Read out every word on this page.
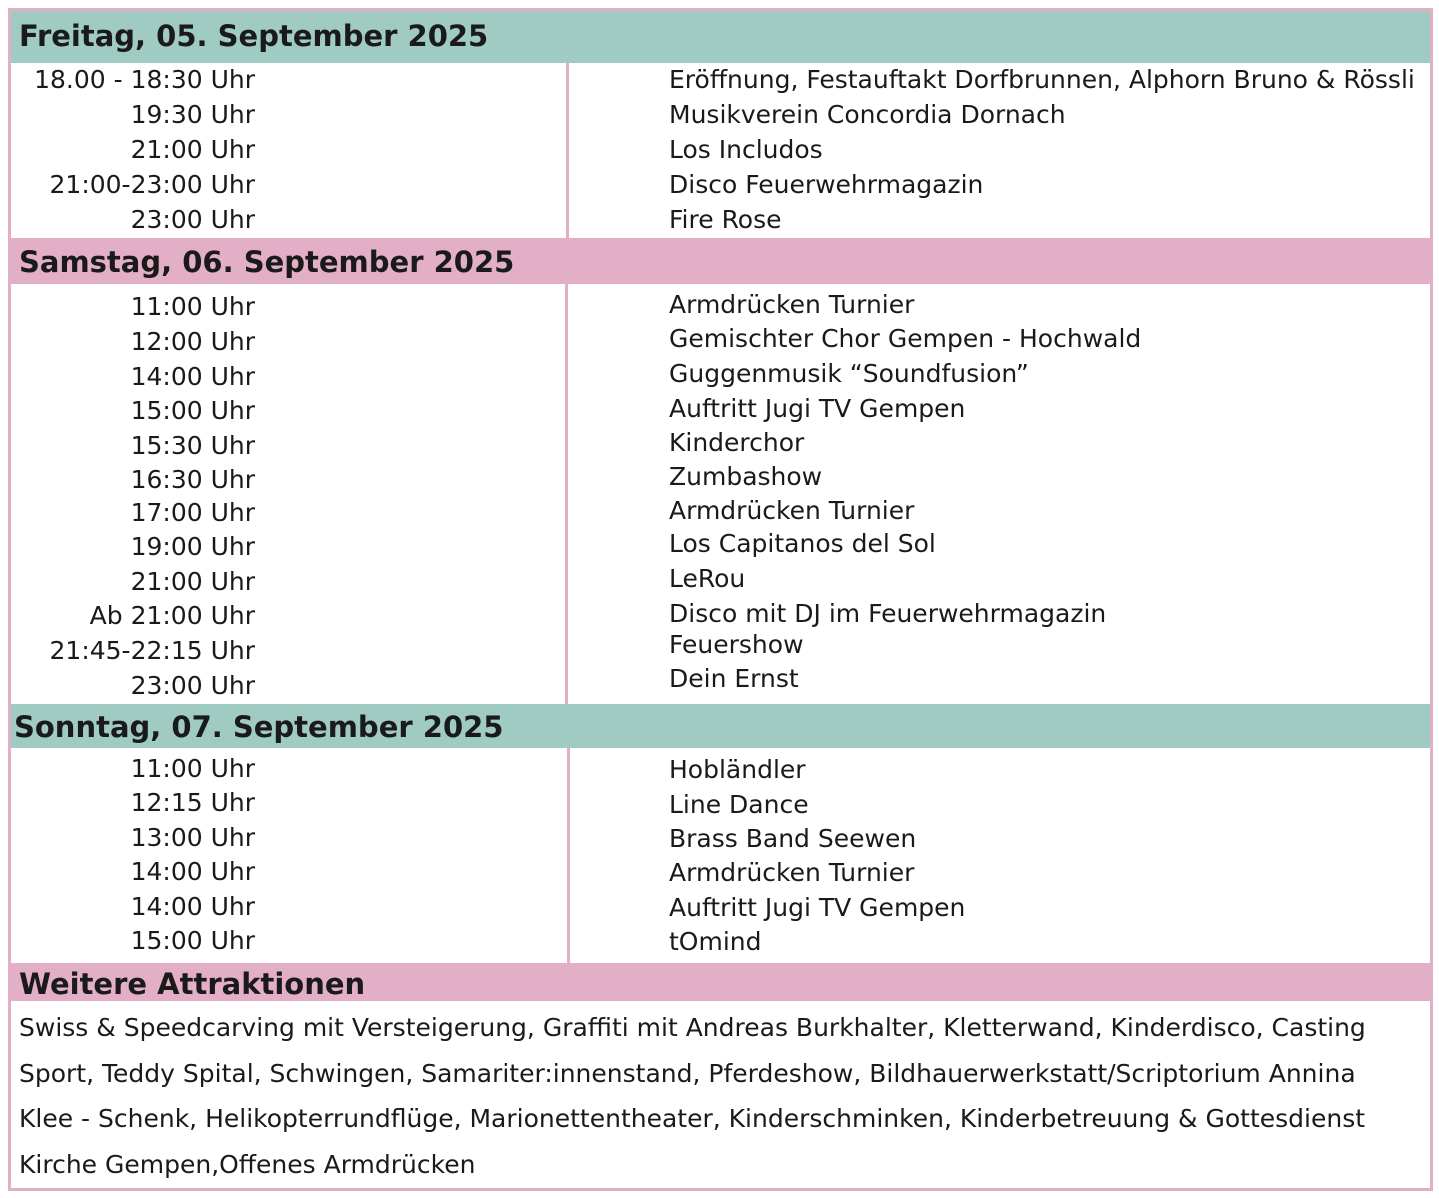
Freitag, 05. September 2025
18.00 - 18:30 Uhr	Eröffnung, Festauftakt Dorfbrunnen, Alphorn Bruno & Rössli
19:30 Uhr	Musikverein Concordia Dornach
21:00 Uhr	Los Includos
21:00-23:00 Uhr	Disco Feuerwehrmagazin
23:00 Uhr	Fire Rose
Samstag, 06. September 2025
11:00 Uhr	Armdrücken Turnier
12:00 Uhr	Gemischter Chor Gempen - Hochwald
14:00 Uhr	Guggenmusik “Soundfusion”
15:00 Uhr	Auftritt Jugi TV Gempen
15:30 Uhr	Kinderchor
16:30 Uhr	Zumbashow
17:00 Uhr	Armdrücken Turnier
19:00 Uhr	Los Capitanos del Sol
21:00 Uhr	LeRou
Ab 21:00 Uhr	Disco mit DJ im Feuerwehrmagazin
21:45-22:15 Uhr	Feuershow
23:00 Uhr	Dein Ernst
Sonntag, 07. September 2025
11:00 Uhr	Hobländler
12:15 Uhr	Line Dance
13:00 Uhr	Brass Band Seewen
14:00 Uhr	Armdrücken Turnier
14:00 Uhr	Auftritt Jugi TV Gempen
15:00 Uhr	tOmind
Weitere Attraktionen
Swiss & Speedcarving mit Versteigerung, Graffiti mit Andreas Burkhalter, Kletterwand, Kinderdisco, Casting Sport, Teddy Spital, Schwingen, Samariter:innenstand, Pferdeshow, Bildhauerwerkstatt/Scriptorium Annina Klee - Schenk, Helikopterrundflüge, Marionettentheater, Kinderschminken, Kinderbetreuung & Gottesdienst Kirche Gempen,Offenes Armdrücken
